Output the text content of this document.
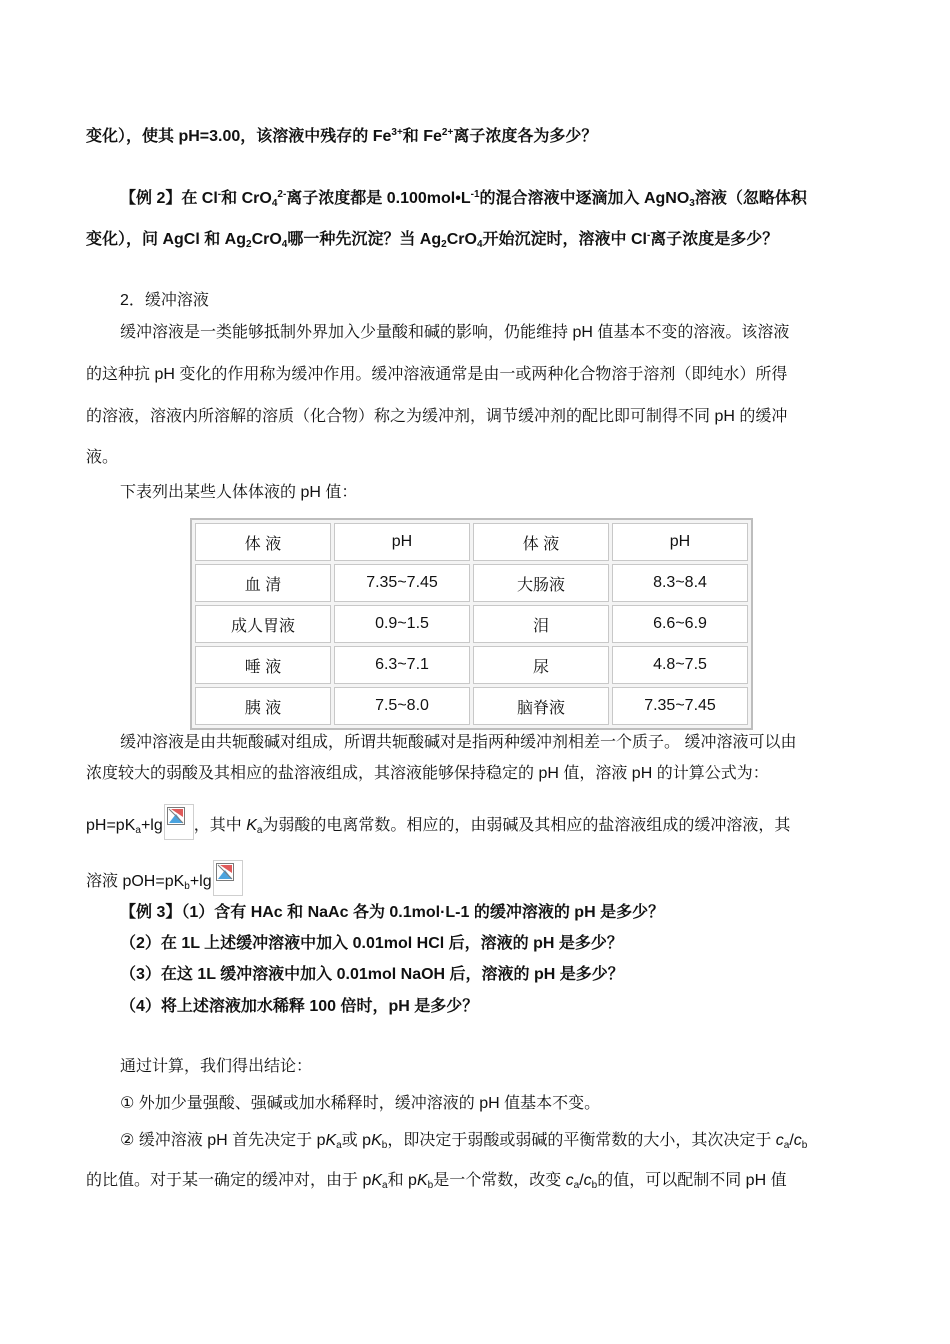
变化），使其 pH=3.00，该溶液中残存的 $Fe^{3+}$和 $Fe^{2+}$离子浓度各为多少？
【例 2】在 Cl-和 CrO$_4^{2-}$离子浓度都是 $0.100mol•L^{-1}$的混合溶液中逐滴加入 AgNO$_3$溶液（忽略体积
变化），问 AgCl 和 $Ag_2CrO_4$哪一种先沉淀？当 $Ag_2CrO_4$开始沉淀时，溶液中 Cl-离子浓度是多少？
2．缓冲溶液
缓冲溶液是一类能够抵制外界加入少量酸和碱的影响，仍能维持 pH 值基本不变的溶液。该溶液
的这种抗 pH 变化的作用称为缓冲作用。缓冲溶液通常是由一或两种化合物溶于溶剂（即纯水）所得
的溶液，溶液内所溶解的溶质（化合物）称之为缓冲剂，调节缓冲剂的配比即可制得不同 pH 的缓冲
液。
下表列出某些人体体液的 pH 值：
体 液	pH	体 液	pH
血 清	7.35~7.45	大肠液	8.3~8.4
成人胃液	0.9~1.5	泪	6.6~6.9
唾 液	6.3~7.1	尿	4.8~7.5
胰 液	7.5~8.0	脑脊液	7.35~7.45
缓冲溶液是由共轭酸碱对组成，所谓共轭酸碱对是指两种缓冲剂相差一个质子。 缓冲溶液可以由
浓度较大的弱酸及其相应的盐溶液组成，其溶液能够保持稳定的 pH 值，溶液 pH 的计算公式为：
$pH=pK_a+\lg$ ，其中 $K_a$为弱酸的电离常数。相应的，由弱碱及其相应的盐溶液组成的缓冲溶液，其
溶液 $pOH=pK_b+\lg$
【例 3】（1）含有 HAc 和 NaAc 各为 0.1mol·L-1 的缓冲溶液的 pH 是多少？
（2）在 1L 上述缓冲溶液中加入 0.01mol HCl 后，溶液的 pH 是多少？
（3）在这 1L 缓冲溶液中加入 0.01mol NaOH 后，溶液的 pH 是多少？
（4）将上述溶液加水稀释 100 倍时，pH 是多少？
通过计算，我们得出结论：
① 外加少量强酸、强碱或加水稀释时，缓冲溶液的 pH 值基本不变。
② 缓冲溶液 pH 首先决定于 $pK_a$或 $pK_b$，即决定于弱酸或弱碱的平衡常数的大小，其次决定于 $c_a/c_b$
的比值。对于某一确定的缓冲对，由于 $pK_a$和 $pK_b$是一个常数，改变 $c_a/c_b$的值，可以配制不同 pH 值
